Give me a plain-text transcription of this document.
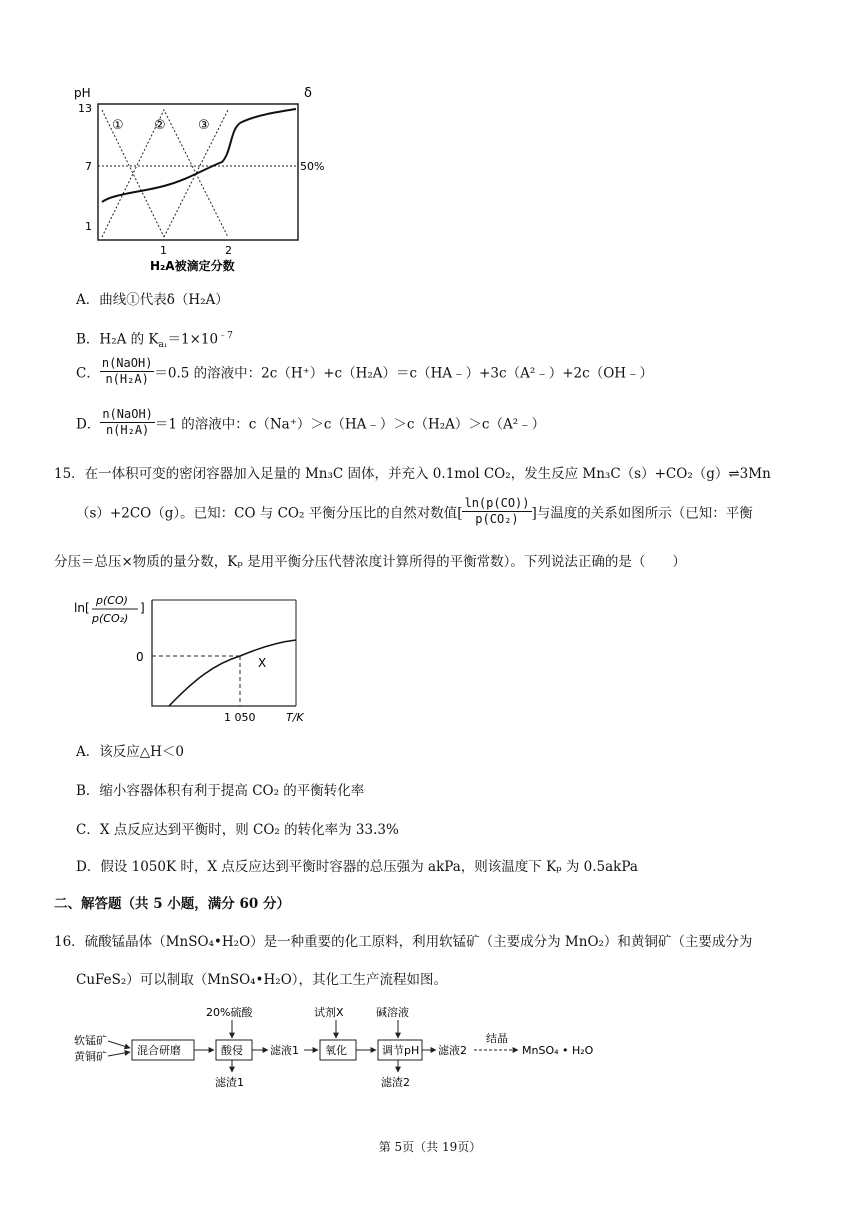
pH	δ
13
7
1
50%
① ② ③
1	2
H₂A被滴定分数
A．曲线①代表δ（H₂A）
B．H₂A 的 $K_{a_1}=1\times 10^{﹣7}$
C． $\frac{\text{n(NaOH)}}{\text{n(H₂A)}} =0.5$ 的溶液中：2c（H⁺）+c（H₂A）＝c（HA﹣）+3c（A²﹣）+2c（OH﹣）
D． $\frac{\text{n(NaOH)}}{\text{n(H₂A)}} =1$ 的溶液中：c（Na⁺）＞c（HA﹣）＞c（H₂A）＞c（A²﹣）
15．在一体积可变的密闭容器加入足量的 Mn₃C 固体，并充入 0.1mol CO₂，发生反应 Mn₃C（s）+CO₂（g）⇌3Mn
（s）+2CO（g）。已知：CO 与 CO₂ 平衡分压比的自然对数值[ $\frac{\ln(p(CO))}{\text{p(CO₂)}}$ ]与温度的关系如图所示（已知：平衡
分压＝总压×物质的量分数，Kₚ 是用平衡分压代替浓度计算所得的平衡常数）。下列说法正确的是（　　）
ln[
p(CO)
p(CO₂)
]
0	X
1 050	T/K
A．该反应△H＜0
B．缩小容器体积有利于提高 CO₂ 的平衡转化率
C．X 点反应达到平衡时，则 CO₂ 的转化率为 33.3%
D．假设 1050K 时，X 点反应达到平衡时容器的总压强为 akPa，则该温度下 Kₚ 为 0.5akPa
二、解答题（共 5 小题，满分 60 分）
16．硫酸锰晶体（MnSO₄•H₂O）是一种重要的化工原料，利用软锰矿（主要成分为 MnO₂）和黄铜矿（主要成分为
CuFeS₂）可以制取（MnSO₄•H₂O），其化工生产流程如图。
软锰矿
黄铜矿	混合研磨
20%硫酸
酸侵
滤渣1
滤液1
试剂X
氧化
碱溶液
调节pH
滤渣2
滤液2
结晶
MnSO₄ • H₂O
第 5页（共 19页）
